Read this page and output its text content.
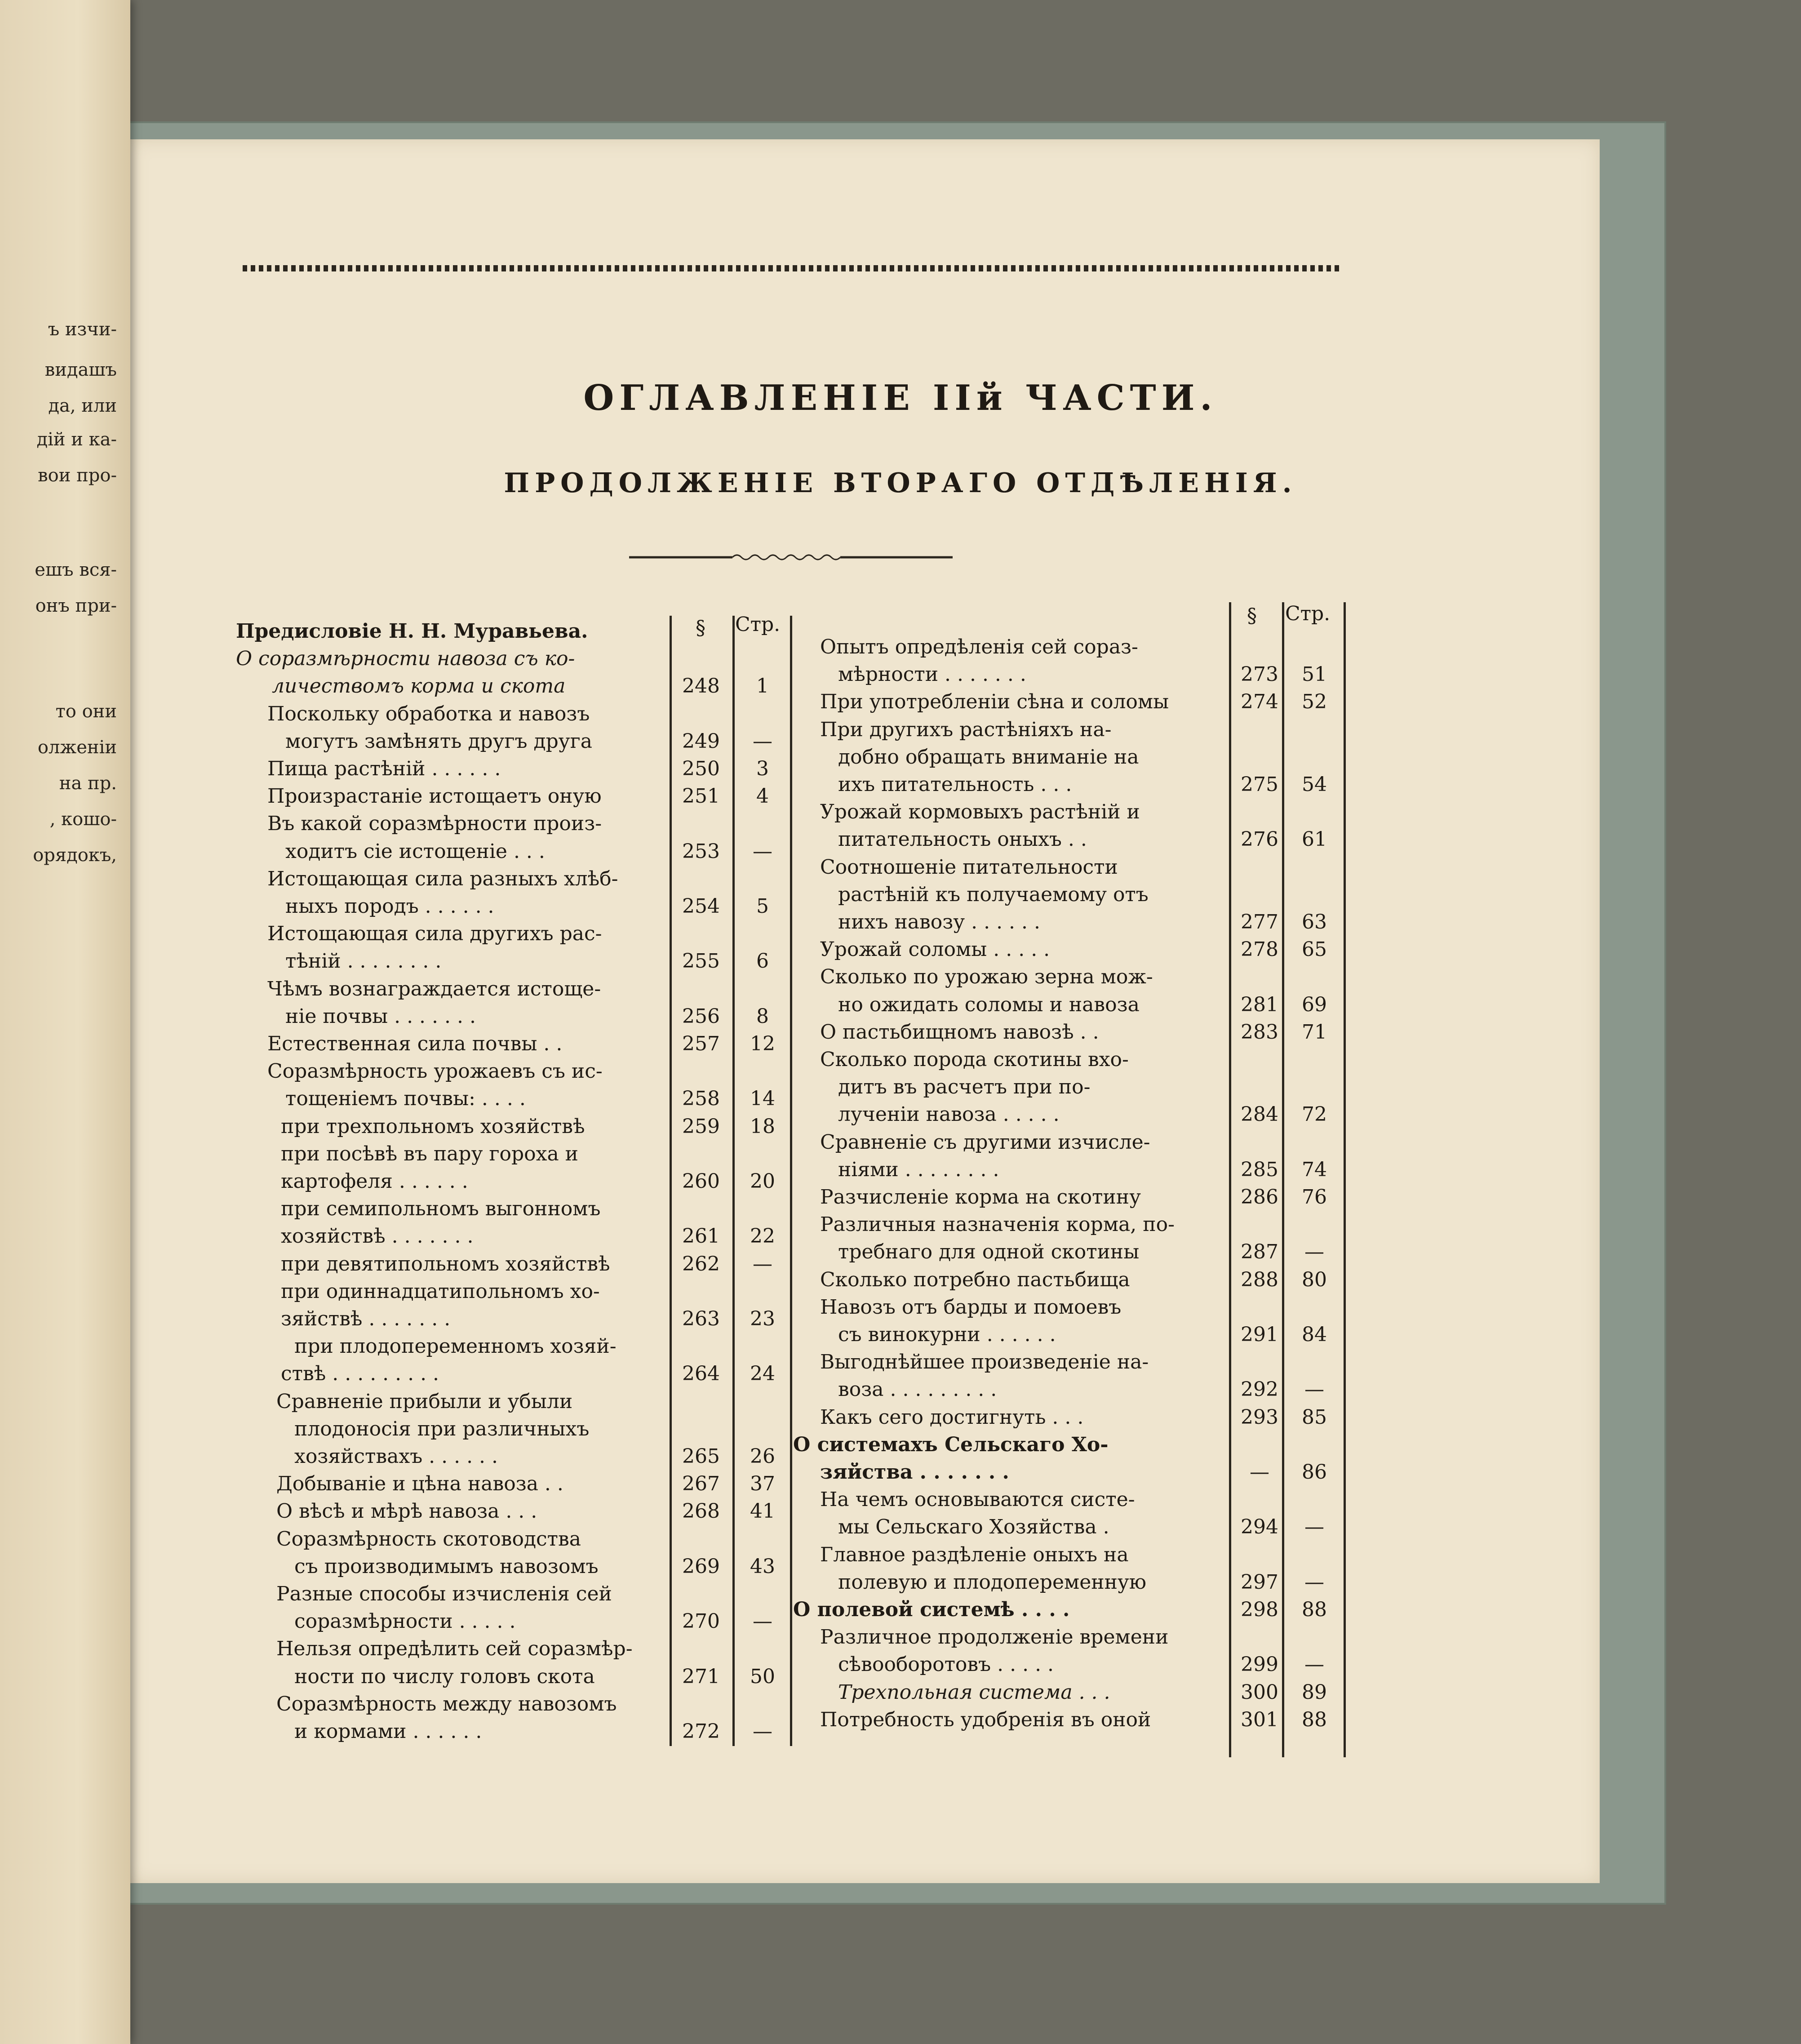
ъ изчи-
видашъ
да, или
дій и ка-
вои про-
ешъ вся-
онъ при-
то они
олженіи
на пр.
, кошо-
орядокъ,
ОГЛАВЛЕНІЕ IIй ЧАСТИ.
ПРОДОЛЖЕНІЕ ВТОРАГО ОТДѢЛЕНІЯ.
§ Стр.	§ Стр.
Предисловіе Н. Н. Муравьева.
О соразмѣрности навоза съ ко-
личествомъ корма и скота	248	1
Поскольку обработка и навозъ
могутъ замѣнять другъ друга	249	—
Пища растѣній . . . . . .	250	3
Произрастаніе истощаетъ оную	251	4
Въ какой соразмѣрности произ-
ходитъ сіе истощеніе . . .	253	—
Истощающая сила разныхъ хлѣб-
ныхъ породъ . . . . . .	254	5
Истощающая сила другихъ рас-
тѣній . . . . . . . .	255	6
Чѣмъ вознаграждается истоще-
ніе почвы . . . . . . .	256	8
Естественная сила почвы . .	257	12
Соразмѣрность урожаевъ съ ис-
тощеніемъ почвы: . . . .	258	14
при трехпольномъ хозяйствѣ	259	18
при посѣвѣ въ пару гороха и
картофеля . . . . . .	260	20
при семипольномъ выгонномъ
хозяйствѣ . . . . . . .	261	22
при девятипольномъ хозяйствѣ	262	—
при одиннадцатипольномъ хо-
зяйствѣ . . . . . . .	263	23
при плодопеременномъ хозяй-
ствѣ . . . . . . . . .	264	24
Сравненіе прибыли и убыли
плодоносія при различныхъ
хозяйствахъ . . . . . .	265	26
Добываніе и цѣна навоза . .	267	37
О вѣсѣ и мѣрѣ навоза . . .	268	41
Соразмѣрность скотоводства
съ производимымъ навозомъ	269	43
Разные способы изчисленія сей
соразмѣрности . . . . .	270	—
Нельзя опредѣлить сей соразмѣр-
ности по числу головъ скота	271	50
Соразмѣрность между навозомъ
и кормами . . . . . .	272	—
Опытъ опредѣленія сей сораз-
мѣрности . . . . . . .	273	51
При употребленіи сѣна и соломы	274	52
При другихъ растѣніяхъ на-
добно обращать вниманіе на
ихъ питательность . . .	275	54
Урожай кормовыхъ растѣній и
питательность оныхъ . .	276	61
Соотношеніе питательности
растѣній къ получаемому отъ
нихъ навозу . . . . . .	277	63
Урожай соломы . . . . .	278	65
Сколько по урожаю зерна мож-
но ожидать соломы и навоза	281	69
О пастьбищномъ навозѣ . .	283	71
Сколько порода скотины вхо-
дитъ въ расчетъ при по-
лученіи навоза . . . . .	284	72
Сравненіе съ другими изчисле-
ніями . . . . . . . .	285	74
Разчисленіе корма на скотину	286	76
Различныя назначенія корма, по-
требнаго для одной скотины	287	—
Сколько потребно пастьбища	288	80
Навозъ отъ барды и помоевъ
съ винокурни . . . . . .	291	84
Выгоднѣйшее произведеніе на-
воза . . . . . . . . .	292	—
Какъ сего достигнуть . . .	293	85
О системахъ Сельскаго Хо-
зяйства . . . . . . .	—	86
На чемъ основываются систе-
мы Сельскаго Хозяйства .	294	—
Главное раздѣленіе оныхъ на
полевую и плодопеременную	297	—
О полевой системѣ . . . .	298	88
Различное продолженіе времени
сѣвооборотовъ . . . . .	299	—
Трехпольная система . . .	300	89
Потребность удобренія въ оной	301	88
